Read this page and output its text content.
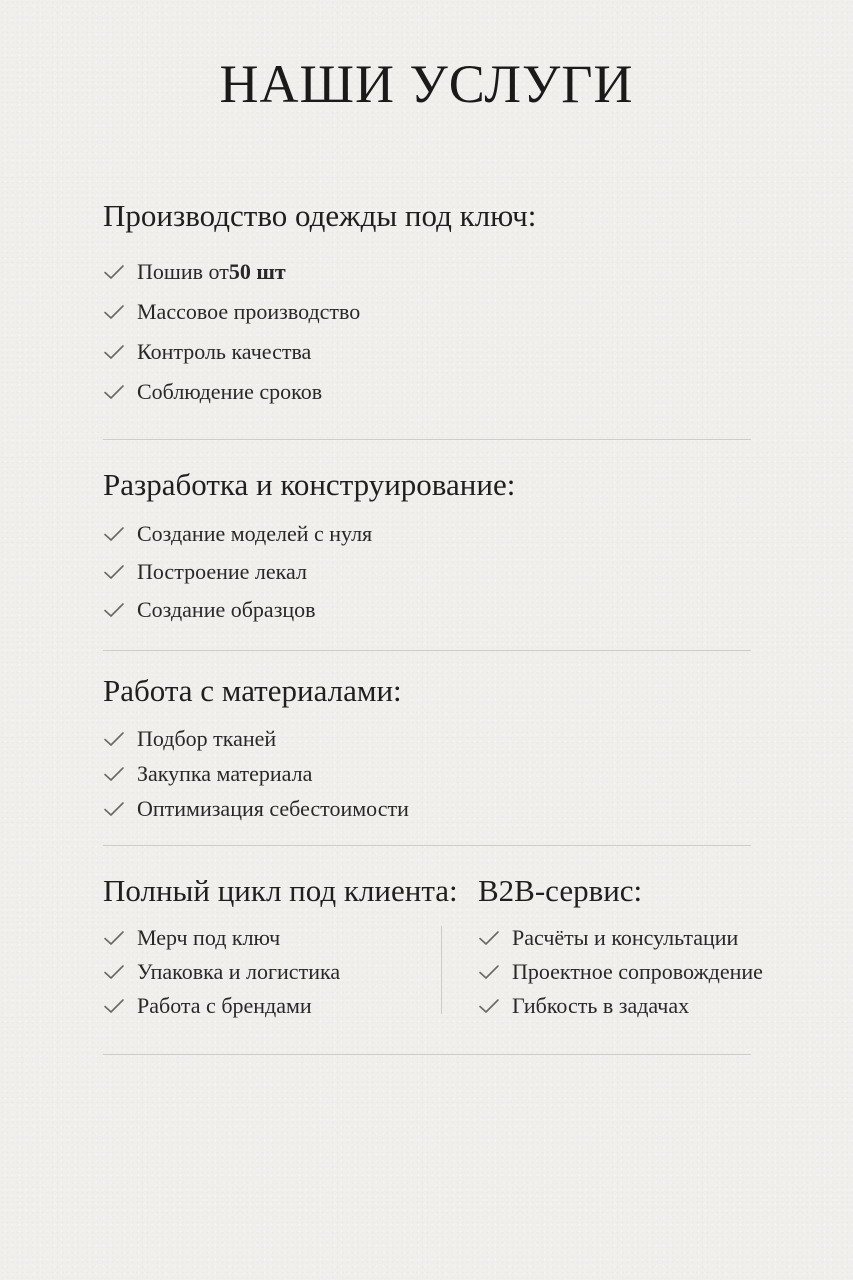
НАШИ УСЛУГИ
Производство одежды под ключ:
Пошив от 50 шт
Массовое производство
Контроль качества
Соблюдение сроков
Разработка и конструирование:
Создание моделей с нуля
Построение лекал
Создание образцов
Работа с материалами:
Подбор тканей
Закупка материала
Оптимизация себестоимости
Полный цикл под клиента:
Мерч под ключ
Упаковка и логистика
Работа с брендами
B2B-сервис:
Расчёты и консультации
Проектное сопровождение
Гибкость в задачах
